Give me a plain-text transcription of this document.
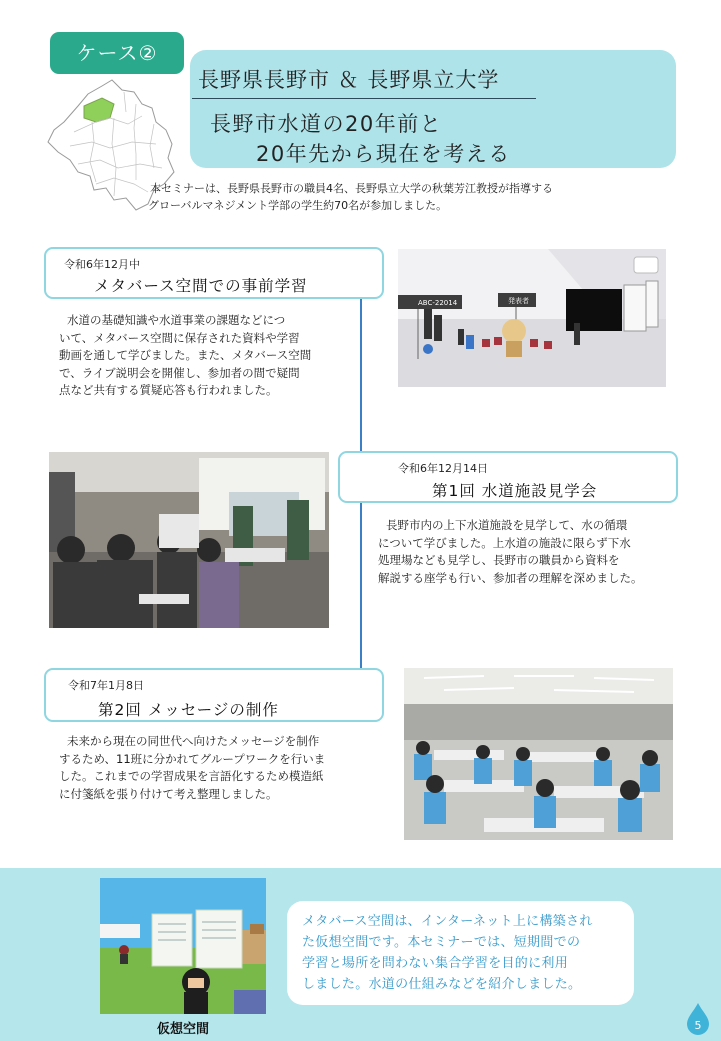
ケース②
長野県長野市 ＆ 長野県立大学
長野市水道の20年前と
20年先から現在を考える
本セミナーは、長野県長野市の職員4名、長野県立大学の秋葉芳江教授が指導する
グローバルマネジメント学部の学生約70名が参加しました。
メタバース空間での事前学習
令和6年12月中
水道の基礎知識や水道事業の課題などにつ
いて、メタバース空間に保存された資料や学習
動画を通して学びました。また、メタバース空間
で、ライブ説明会を開催し、参加者の間で疑問
点など共有する質疑応答も行われました。
ABC-22014	発表者
第1回 水道施設見学会
令和6年12月14日
長野市内の上下水道施設を見学して、水の循環
について学びました。上水道の施設に限らず下水
処理場なども見学し、長野市の職員から資料を
解説する座学も行い、参加者の理解を深めました。
第2回 メッセージの制作
令和7年1月8日
未来から現在の同世代へ向けたメッセージを制作
するため、11班に分かれてグループワークを行いま
した。これまでの学習成果を言語化するため模造紙
に付箋紙を張り付けて考え整理しました。
仮想空間
メタバース空間は、インターネット上に構築され
た仮想空間です。本セミナーでは、短期間での
学習と場所を問わない集合学習を目的に利用
しました。水道の仕組みなどを紹介しました。
5
